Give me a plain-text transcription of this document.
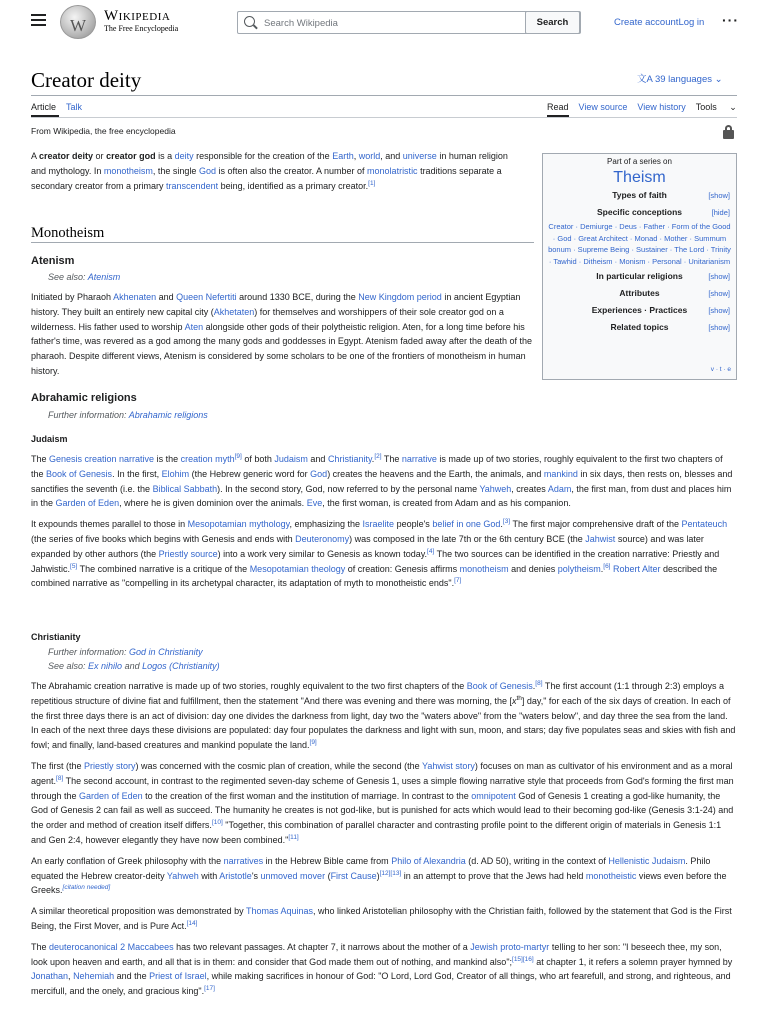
W
Wikipedia
The Free Encyclopedia	Search Wikipedia	Search	Create accountLog in ···
Creator deity	文A 39 languages ⌄
Article Talk	Read View source View history Tools ⌄
From Wikipedia, the free encyclopedia
Part of a series on
Theism
Types of faith	[show]
Specific conceptions	[hide]
Creator · Demiurge · Deus · Father · Form of the Good · God · Great Architect · Monad · Mother · Summum bonum · Supreme Being · Sustainer · The Lord · Trinity · Tawhid · Ditheism · Monism · Personal · Unitarianism
In particular religions	[show]
Attributes	[show]
Experiences · Practices	[show]
Related topics	[show]
v · t · e

A creator deity or creator god is a deity responsible for the creation of the Earth, world, and universe in human religion and mythology. In monotheism, the single God is often also the creator. A number of monolatristic traditions separate a secondary creator from a primary transcendent being, identified as a primary creator.[1]

Monotheism
Atenism
See also: Atenism

Initiated by Pharaoh Akhenaten and Queen Nefertiti around 1330 BCE, during the New Kingdom period in ancient Egyptian history. They built an entirely new capital city (Akhetaten) for themselves and worshippers of their sole creator god on a wilderness. His father used to worship Aten alongside other gods of their polytheistic religion. Aten, for a long time before his father's time, was revered as a god among the many gods and goddesses in Egypt. Atenism faded away after the death of the pharaoh. Despite different views, Atenism is considered by some scholars to be one of the frontiers of monotheism in human history.

Abrahamic religions
Further information: Abrahamic religions
Judaism

The Genesis creation narrative is the creation myth[9] of both Judaism and Christianity.[2] The narrative is made up of two stories, roughly equivalent to the first two chapters of the Book of Genesis. In the first, Elohim (the Hebrew generic word for God) creates the heavens and the Earth, the animals, and mankind in six days, then rests on, blesses and sanctifies the seventh (i.e. the Biblical Sabbath). In the second story, God, now referred to by the personal name Yahweh, creates Adam, the first man, from dust and places him in the Garden of Eden, where he is given dominion over the animals. Eve, the first woman, is created from Adam and as his companion.

It expounds themes parallel to those in Mesopotamian mythology, emphasizing the Israelite people's belief in one God.[3] The first major comprehensive draft of the Pentateuch (the series of five books which begins with Genesis and ends with Deuteronomy) was composed in the late 7th or the 6th century BCE (the Jahwist source) and was later expanded by other authors (the Priestly source) into a work very similar to Genesis as known today.[4] The two sources can be identified in the creation narrative: Priestly and Jahwistic.[5] The combined narrative is a critique of the Mesopotamian theology of creation: Genesis affirms monotheism and denies polytheism.[6] Robert Alter described the combined narrative as "compelling in its archetypal character, its adaptation of myth to monotheistic ends".[7]

Christianity
Further information: God in Christianity
See also: Ex nihilo and Logos (Christianity)

The Abrahamic creation narrative is made up of two stories, roughly equivalent to the two first chapters of the Book of Genesis.[8] The first account (1:1 through 2:3) employs a repetitious structure of divine fiat and fulfillment, then the statement "And there was evening and there was morning, the $[x^{th}]$ day," for each of the six days of creation. In each of the first three days there is an act of division: day one divides the darkness from light, day two the "waters above" from the "waters below", and day three the sea from the land. In each of the next three days these divisions are populated: day four populates the darkness and light with sun, moon, and stars; day five populates seas and skies with fish and fowl; and finally, land-based creatures and mankind populate the land.[9]

The first (the Priestly story) was concerned with the cosmic plan of creation, while the second (the Yahwist story) focuses on man as cultivator of his environment and as a moral agent.[8] The second account, in contrast to the regimented seven-day scheme of Genesis 1, uses a simple flowing narrative style that proceeds from God's forming the first man through the Garden of Eden to the creation of the first woman and the institution of marriage. In contrast to the omnipotent God of Genesis 1 creating a god-like humanity, the God of Genesis 2 can fail as well as succeed. The humanity he creates is not god-like, but is punished for acts which would lead to their becoming god-like (Genesis 3:1-24) and the order and method of creation itself differs.[10] "Together, this combination of parallel character and contrasting profile point to the different origin of materials in Genesis 1:1 and Gen 2:4, however elegantly they have now been combined."[11]

An early conflation of Greek philosophy with the narratives in the Hebrew Bible came from Philo of Alexandria (d. AD 50), writing in the context of Hellenistic Judaism. Philo equated the Hebrew creator-deity Yahweh with Aristotle's unmoved mover (First Cause)[12][13] in an attempt to prove that the Jews had held monotheistic views even before the Greeks.[citation needed]

A similar theoretical proposition was demonstrated by Thomas Aquinas, who linked Aristotelian philosophy with the Christian faith, followed by the statement that God is the First Being, the First Mover, and is Pure Act.[14]

The deuterocanonical 2 Maccabees has two relevant passages. At chapter 7, it narrows about the mother of a Jewish proto-martyr telling to her son: "I beseech thee, my son, look upon heaven and earth, and all that is in them: and consider that God made them out of nothing, and mankind also";[15][16] at chapter 1, it refers a solemn prayer hymned by Jonathan, Nehemiah and the Priest of Israel, while making sacrifices in honour of God: "O Lord, Lord God, Creator of all things, who art fearefull, and strong, and righteous, and mercifull, and the onely, and gracious king".[17]
